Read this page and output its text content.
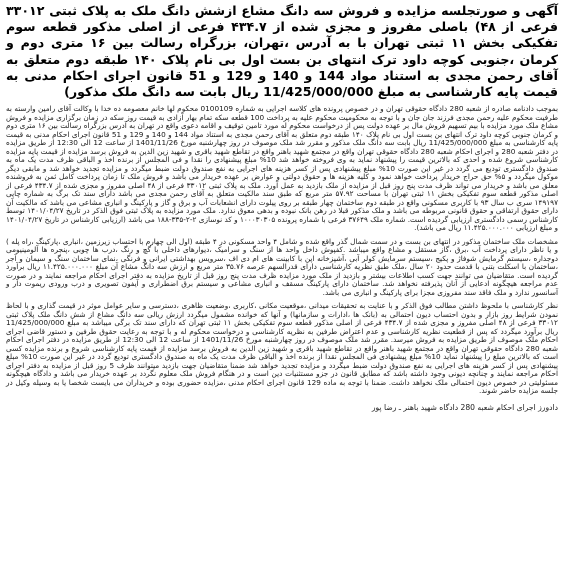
آگهی و صورتجلسه مزایده و فروش سه دانگ مشاع ازشش دانگ ملک به پلاک ثبتی ۳۳۰۱۲ فرعی از ۴۸) باصلی مفروز و مجزی شده از ۴۳۴.۷ فرعی از اصلی مذکور قطعه سوم تفکیکی بخش ۱۱ ثبتی تهران با به آدرس ،تهران، بزرگراه رسالت بین ۱۶ متری دوم و کرمان ،جنوبی کوچه داود ترک انتهای بن بست اول بی نام پلاک ۱۴۰ طبقه دوم متعلق به آقای رحمن مجدی به استناد مواد 144 و 140 و 129 و 51 قانون اجرای احکام مدنی به قیمت پایه کارشناسی به مبلغ 11/425/000/000 ریال بابت سه دانگ ملک مذکور)

بموجب دادنامه صادره از شعبه 280 دادگاه حقوقی تهران و در خصوص پرونده های کلاسه اجرایی به شماره 0100109 محکوم لها خانم معصومه ده خدا با وکالت آقای رامین وارسته به طرفیت محکوم علیه رحمن مجدی فرزند جان جان و با توجه به محکومیت محکوم علیه به پرداخت 100 قطعه سکه تمام بهار آزادی به قیمت روز سکه در زمان برگزاری مزایده و فروش مشاع ملک مورد مزایده با بیم تسهیم فروش مال بر عهده دولت پس از درخواست محکوم له مورد تامین توقیف و اقامه دعوی واقع در تهران به آدرس بزرگراه رسالت بین ۱۶ متری دوم و کرمان جنوبی کوچه داود ترک انتهای بن بست اول بی نام پلاک ۱۴۰ طبقه دوم متعلق به آقای رحمن مجدی به استناد مواد 144 و 140 و 129 و 51 قانون اجرای احکام مدنی به قیمت پایه کارشناسی به مبلغ 11/425/000/000 ریال بابت سه دانگ ملک مذکور و مقرر شد ملک موصوف در روز چهارشنبه مورخ 1401/11/26 از ساعت 12 الی 12:30 از طریق مزایده در دفتر شعبه 280 و اجرای احکام شعبه 280 دادگاه حقوقی تهران واقع در مجتمع شهید باهنر واقع در تقاطع شهید باقری و شهید زین الدین به فروش برسد مزایده از قیمت پایه مزایده کارشناسی شروع شده و احدی که بالاترین قیمت را پیشنهاد نماید به وی فروخته خواهد شد 10% مبلغ پیشنهادی را نقدا و فی المجلس از برنده اخذ و الباقی ظرف مدت یک ماه به صندوق دادگستری تودیع می گردد در غیر این صورت 10% مبلغ پیشنهادی پس از کسر هزینه های اجرایی به نفع صندوق دولت ضبط میگردد و مزایده تجدید خواهد شد و مابقی دیگر موکول میگردد و ۵% حق حراج خریدار پرداخت خواهد نمود و کلیه هزینه ها و حقوق دولتی و عوارض بر عهده خریدار می باشد و فروش ملک تا زمان پرداخت کامل ثمن به فروشنده معلق می باشد و خریدار می تواند ظرف مدت پنج روز قبل از مزایده از ملک بازدید به عمل آورد. ملک به پلاک ثبتی ۳۳۰۱۲ فرعی از ۴۸ اصلی مفروز و مجزی شده از ۴۳۴.۷ فرعی از اصلی مذکور قطعه سوم تفکیکی بخش ۱۱ ثبتی تهران با مساحت ۵۷.۹۲ متر مربع که طبق سند مالکیت متعلق به آقای رحمن مجدی می باشد دارای سند تک برگ به شماره چاپی ۱۴۹۱۹۷ سری ب سال ۹۳ با کاربری مسکونی واقع در طبقه دوم ساختمان چهار طبقه بر روی پیلوت دارای انشعابات آب و برق و گاز و پارکینگ و انباری مشاعی می باشد که مالکیت آن دارای حقوق ارتفاقی و حقوق قانونی مربوطه می باشد و ملک مذکور قبلا در رهن بانک نبوده و بدهی معوق ندارد. ملک مورد مزایده به پلاک ثبتی فوق الذکر در تاریخ ۱۴۰۱/۰۴/۲۷ توسط کارشناس رسمی دادگستری ارزیابی گردیده است. شماره ملک ۳۷۶۴۹ فرعی با شماره پرونده ۱۰۰۰۳۰۳۰۵ و کد نوسازی ۲-۲-۳۳۵-۱۸۸ می باشد (ارزیابی کارشناس در تاریخ ۱۴۰۱/۰۴/۲۷ و مبلغ ارزیابی ۱۱.۴۲۵.۰۰۰.۰۰۰ ریال می باشد).

مشخصات ملک ساختمان مذکور در انتهای بن بست و در سمت شمال گذر واقع شده و شامل ۴ واحد مسکونی در ۴ طبقه (اول الی چهارم با احتساب زیرزمین ،انباری ،پارکینگ ،راه پله ) و یا ناظر دارای پرداخت آب ،برق ،گاز مستقل و مشاع واقع میباشد .کفپوش داخل واحد ها از سنگ و سرامیک ،دیوارهای داخلی با گچ و رنگ ،درب ها چوبی ،پنجره ها آلومینیومی دوجداره ،سیستم گرمایش شوفاژ و پکیج ،سیستم سرمایش کولر آبی ،آشپزخانه اپن با کابینت های ام دی اف ،سرویس بهداشتی ایرانی و فرنگی ،نمای ساختمان سنگ و سیمان و آجر ،ساختمان با اسکلت بتنی با قدمت حدود ۲۰ سال ،ملک طبق نظریه کارشناسی دارای قدرالسهم عرصه ۳۵.۷۶ متر مربع و ارزش سه دانگ مشاع آن مبلغ ۱۱.۴۲۵.۰۰۰.۰۰۰ ریال برآورد گردیده است. متقاضیان می توانند جهت کسب اطلاعات بیشتر و بازدید از ملک مورد مزایده ظرف مدت پنج روز قبل از تاریخ مزایده به دفتر اجرای احکام مراجعه نمایند و در صورت عدم مراجعه هیچگونه ادعایی از آنان پذیرفته نخواهد شد. ساختمان دارای پارکینگ مسقف و انباری مشاعی و سیستم برق اضطراری و آیفون تصویری و درب ورودی ریموت دار و آسانسور ندارد و ملک فاقد سند مفروزی مجزا برای پارکینگ و انباری می باشد.

نظر کارشناسی با ملحوظ داشتن مطالب فوق الذکر و با عنایت به تحقیقات میدانی ،موقعیت مکانی ،کاربری ،وضعیت ظاهری ،دسترسی و سایر عوامل موثر در قیمت گذاری و با لحاظ نمودن شرایط روز بازار و بدون احتساب دیون احتمالی به (بانک ها ،ادارات و سازمانها) و آنها که خوانده مشمول میگردد ارزش ریالی سه دانگ مشاع از شش دانگ ملک پلاک ثبتی ۳۳۰۱۲ فرعی از ۴۸ اصلی مفروز و مجزی شده از ۴۳۴.۷ فرعی از اصلی مذکور قطعه سوم تفکیکی بخش ۱۱ ثبتی تهران که دارای سند تک برگی میباشد به مبلغ 11/425/000/000 ریال برآورد میگردد که پس از قطعیت نظریه کارشناسی و عدم اعتراض طرفین به نظریه کارشناسی و درخواست محکوم له و با توجه به رعایت حقوق طرفین و دستور قاضی اجرای احکام ملک موصوف از طریق مزایده به فروش میرسد. مقرر شد ملک موصوف در روز چهارشنبه مورخ 1401/11/26 از ساعت 12 الی 12:30 از طریق مزایده در دفتر اجرای احکام شعبه 280 دادگاه حقوقی تهران واقع در مجتمع شهید باهنر واقع در تقاطع شهید باقری و شهید زین الدین به فروش برسد مزایده از قیمت پایه کارشناسی شروع و برنده مزایده کسی است که بالاترین مبلغ را پیشنهاد نماید 10% مبلغ پیشنهادی فی المجلس نقدا از برنده اخذ و الباقی ظرف مدت یک ماه به صندوق دادگستری تودیع گردد در غیر این صورت 10% مبلغ پیشنهادی پس از کسر هزینه های اجرایی به نفع صندوق دولت ضبط میگردد و مزایده تجدید خواهد شد ضمنا متقاضیان جهت بازدید میتوانند ظرف 5 روز قبل از مزایده به دفتر اجرای احکام مراجعه نمایند و چنانچه دیونی وجود داشته باشد که مطابق قانون در جزو مستثنیات دین است و در هنگام فروش ملک معلوم نگردد بر عهده خریدار می باشد و دادگاه هیچگونه مسئولیتی در خصوص دیون احتمالی ملک نخواهد داشت. ضمنا با توجه به ماده 129 قانون اجرای احکام مدنی ،مزایده حضوری بوده و خریداران می بایست شخصا یا به وسیله وکیل در جلسه مزایده حاضر شوند.

دادورز اجرای احکام شعبه 280 دادگاه شهید باهنر ـ رضا پور
